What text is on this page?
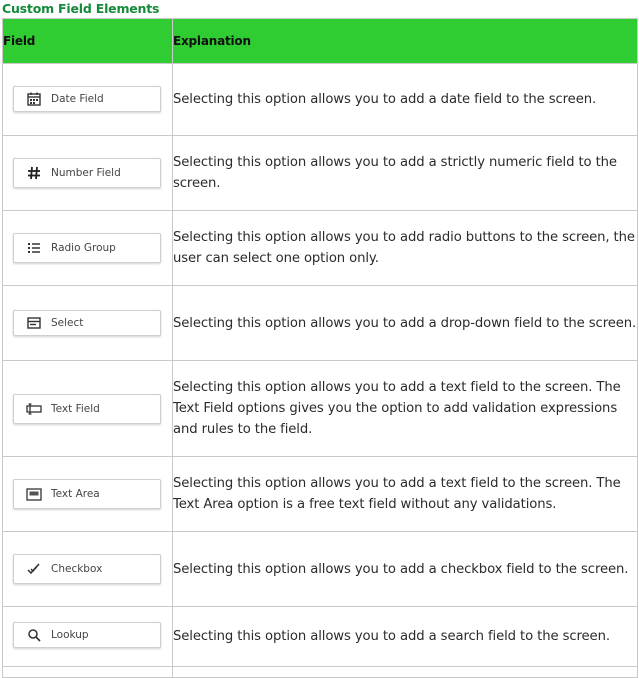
Custom Field Elements
Field	Explanation

Date Field	Selecting this option allows you to add a date field to the screen.

Number Field	Selecting this option allows you to add a strictly numeric field to the screen.

Radio Group	Selecting this option allows you to add radio buttons to the screen, the user can select one option only.

Select	Selecting this option allows you to add a drop-down field to the screen.

Text Field	Selecting this option allows you to add a text field to the screen. The Text Field options gives you the option to add validation expressions and rules to the field.

Text Area	Selecting this option allows you to add a text field to the screen. The Text Area option is a free text field without any validations.

Checkbox	Selecting this option allows you to add a checkbox field to the screen.

Lookup	Selecting this option allows you to add a search field to the screen.
